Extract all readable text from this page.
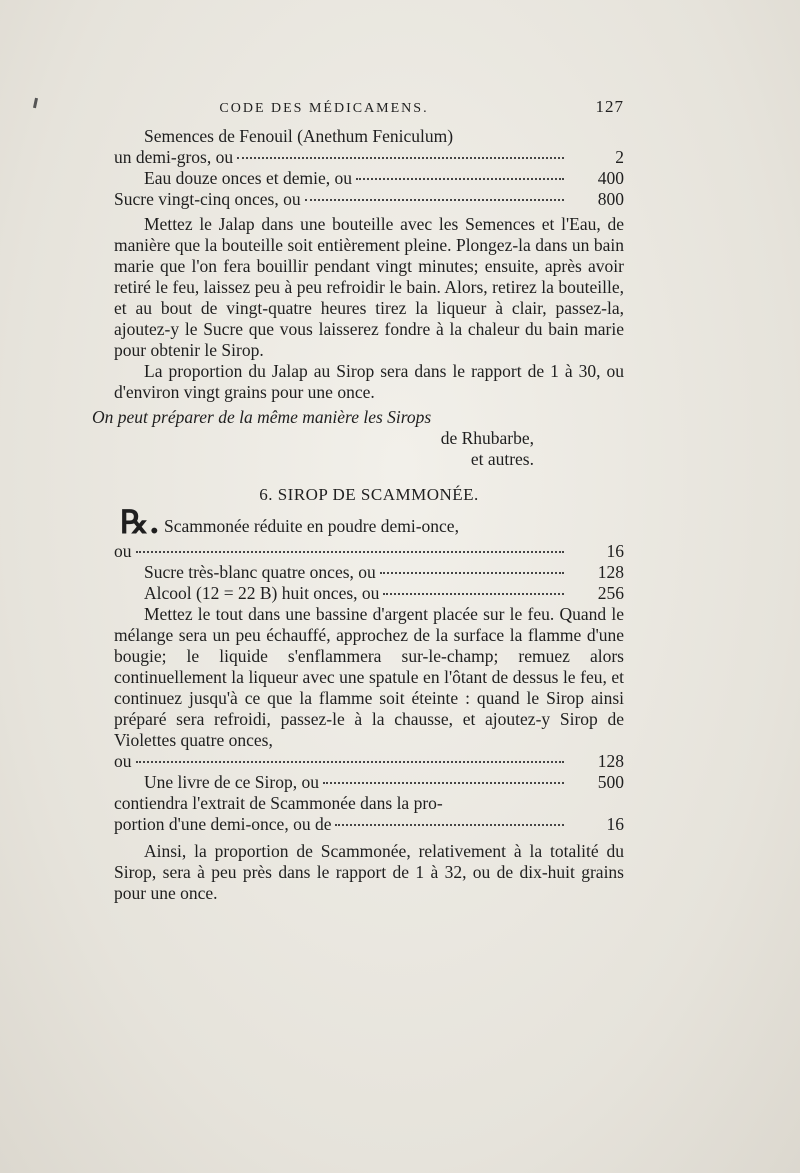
CODE DES MÉDICAMENS.	127
Semences de Fenouil (Anethum Feniculum)
un demi-gros, ou	2
Eau douze onces et demie, ou	400
Sucre vingt-cinq onces, ou	800
Mettez le Jalap dans une bouteille avec les Semences et l'Eau, de manière que la bouteille soit entièrement pleine. Plongez-la dans un bain marie que l'on fera bouillir pendant vingt minutes; ensuite, après avoir retiré le feu, laissez peu à peu refroidir le bain. Alors, retirez la bouteille, et au bout de vingt-quatre heures tirez la liqueur à clair, passez-la, ajoutez-y le Sucre que vous laisserez fondre à la chaleur du bain marie pour obtenir le Sirop.
La proportion du Jalap au Sirop sera dans le rapport de 1 à 30, ou d'environ vingt grains pour une once.
On peut préparer de la même manière les Sirops
de Rhubarbe,
et autres.
6. SIROP DE SCAMMONÉE.
℞. Scammonée réduite en poudre demi-once,
ou	16
Sucre très-blanc quatre onces, ou	128
Alcool (12 = 22 B) huit onces, ou	256
Mettez le tout dans une bassine d'argent placée sur le feu. Quand le mélange sera un peu échauffé, approchez de la surface la flamme d'une bougie; le liquide s'enflammera sur-le-champ; remuez alors continuellement la liqueur avec une spatule en l'ôtant de dessus le feu, et continuez jusqu'à ce que la flamme soit éteinte : quand le Sirop ainsi préparé sera refroidi, passez-le à la chausse, et ajoutez-y Sirop de Violettes quatre onces,
ou	128
Une livre de ce Sirop, ou	500
contiendra l'extrait de Scammonée dans la pro-
portion d'une demi-once, ou de	16
Ainsi, la proportion de Scammonée, relativement à la totalité du Sirop, sera à peu près dans le rapport de 1 à 32, ou de dix-huit grains pour une once.
